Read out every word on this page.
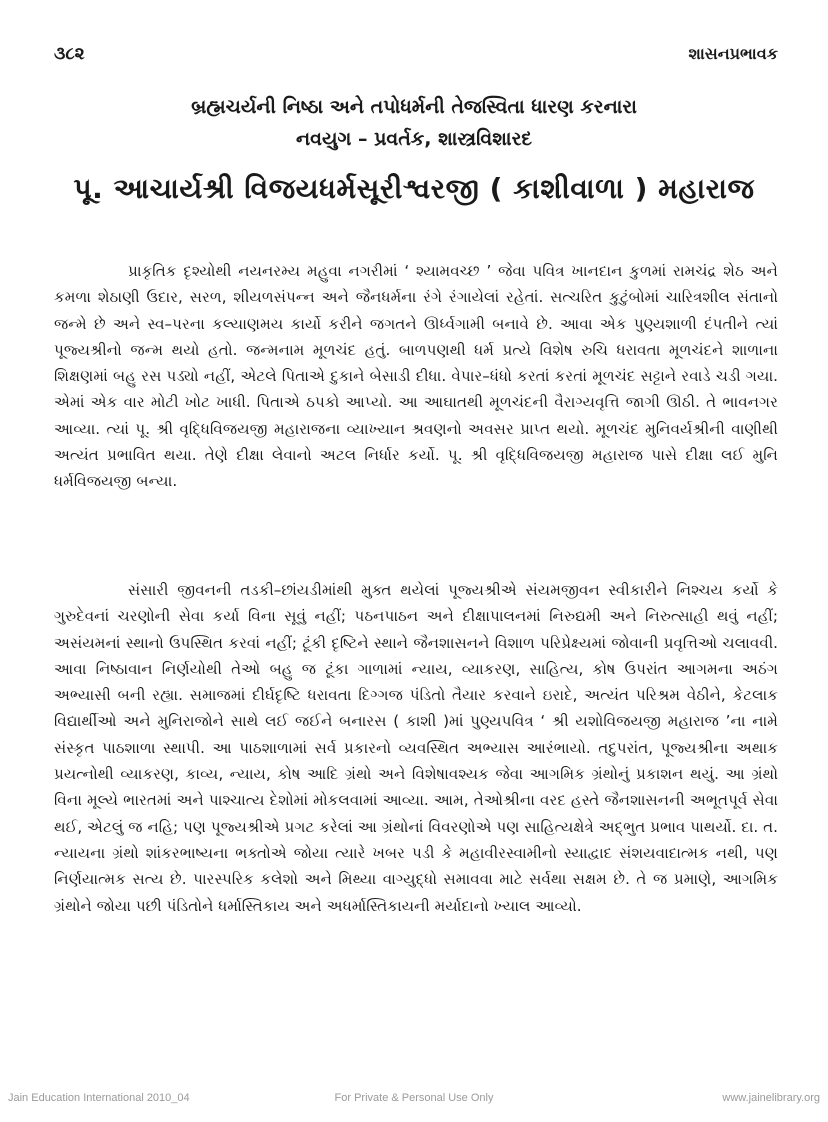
૩૮૨	શાસનપ્રભાવક
બ્રહ્મચર્યની નિષ્ઠા અને તપોધર્મની તેજસ્વિતા ધારણ કરનારા
નવયુગ – પ્રવર્તક, શાસ્ત્રવિશારદ
પૂ. આચાર્યશ્રી વિજયધર્મસૂરીશ્વરજી ( કાશીવાળા ) મહારાજ

પ્રાકૃતિક દૃશ્યોથી નયનરમ્ય મહુવા નગરીમાં ‘ શ્યામવચ્છ ’ જેવા પવિત્ર ખાનદાન કુળમાં રામચંદ્ર શેઠ અને કમળા શેઠાણી ઉદાર, સરળ, શીયળસંપન્ન અને જૈનધર્મના રંગે રંગાયેલાં રહેતાં. સત્ચરિત કુટુંબોમાં ચારિત્રશીલ સંતાનો જન્મે છે અને સ્વ–પરના કલ્યાણમય કાર્યો કરીને જગતને ઊર્ધ્વગામી બનાવે છે. આવા એક પુણ્યશાળી દંપતીને ત્યાં પૂજ્યશ્રીનો જન્મ થયો હતો. જન્મનામ મૂળચંદ હતું. બાળપણથી ધર્મ પ્રત્યે વિશેષ રુચિ ધરાવતા મૂળચંદને શાળાના શિક્ષણમાં બહુ રસ પડ્યો નહીં, એટલે પિતાએ દુકાને બેસાડી દીધા. વેપાર–ધંધો કરતાં કરતાં મૂળચંદ સટ્ટાને રવાડે ચડી ગયા. એમાં એક વાર મોટી ખોટ ખાધી. પિતાએ ઠપકો આપ્યો. આ આઘાતથી મૂળચંદની વૈરાગ્યવૃત્તિ જાગી ઊઠી. તે ભાવનગર આવ્યા. ત્યાં પૂ. શ્રી વૃદ્ધિવિજયજી મહારાજના વ્યાખ્યાન શ્રવણનો અવસર પ્રાપ્ત થયો. મૂળચંદ મુનિવર્યશ્રીની વાણીથી અત્યંત પ્રભાવિત થયા. તેણે દીક્ષા લેવાનો અટલ નિર્ધાર કર્યો. પૂ. શ્રી વૃદ્ધિવિજયજી મહારાજ પાસે દીક્ષા લઈ મુનિ ધર્મવિજયજી બન્યા.

સંસારી જીવનની તડકી–છાંયડીમાંથી મુક્ત થયેલાં પૂજ્યશ્રીએ સંયમજીવન સ્વીકારીને નિશ્ચય કર્યો કે ગુરુદેવનાં ચરણોની સેવા કર્યા વિના સૂવું નહીં; પઠનપાઠન અને દીક્ષાપાલનમાં નિરુદ્યમી અને નિરુત્સાહી થવું નહીં; અસંયમનાં સ્થાનો ઉપસ્થિત કરવાં નહીં; ટૂંકી દૃષ્ટિને સ્થાને જૈનશાસનને વિશાળ પરિપ્રેક્ષ્યમાં જોવાની પ્રવૃત્તિઓ ચલાવવી. આવા નિષ્ઠાવાન નિર્ણયોથી તેઓ બહુ જ ટૂંકા ગાળામાં ન્યાય, વ્યાકરણ, સાહિત્ય, કોષ ઉપરાંત આગમના અઠંગ અભ્યાસી બની રહ્યા. સમાજમાં દીર્ઘદૃષ્ટિ ધરાવતા દિગ્ગજ પંડિતો તૈયાર કરવાને ઇરાદે, અત્યંત પરિશ્રમ વેઠીને, કેટલાક વિદ્યાર્થીઓ અને મુનિરાજોને સાથે લઈ જઈને બનારસ ( કાશી )માં પુણ્યપવિત્ર ‘ શ્રી યશોવિજયજી મહારાજ ’ના નામે સંસ્કૃત પાઠશાળા સ્થાપી. આ પાઠશાળામાં સર્વ પ્રકારનો વ્યવસ્થિત અભ્યાસ આરંભાયો. તદુપરાંત, પૂજ્યશ્રીના અથાક પ્રયત્નોથી વ્યાકરણ, કાવ્ય, ન્યાય, કોષ આદિ ગ્રંથો અને વિશેષાવશ્યક જેવા આગમિક ગ્રંથોનું પ્રકાશન થયું. આ ગ્રંથો વિના મૂલ્યે ભારતમાં અને પાશ્ચાત્ય દેશોમાં મોકલવામાં આવ્યા. આમ, તેઓશ્રીના વરદ હસ્તે જૈનશાસનની અભૂતપૂર્વ સેવા થઈ, એટલું જ નહિ; પણ પૂજ્યશ્રીએ પ્રગટ કરેલાં આ ગ્રંથોનાં વિવરણોએ પણ સાહિત્યક્ષેત્રે અદ્ભુત પ્રભાવ પાથર્યો. દા. ત. ન્યાયના ગ્રંથો શાંકરભાષ્યના ભક્તોએ જોયા ત્યારે ખબર પડી કે મહાવીરસ્વામીનો સ્યાદ્વાદ સંશયવાદાત્મક નથી, પણ નિર્ણયાત્મક સત્ય છે. પારસ્પરિક કલેશો અને મિથ્યા વાગ્યુદ્ધો સમાવવા માટે સર્વથા સક્ષમ છે. તે જ પ્રમાણે, આગમિક ગ્રંથોને જોયા પછી પંડિતોને ધર્માસ્તિકાય અને અધર્માસ્તિકાયની મર્યાદાનો ખ્યાલ આવ્યો.

Jain Education International 2010_04	For Private & Personal Use Only	www.jainelibrary.org
